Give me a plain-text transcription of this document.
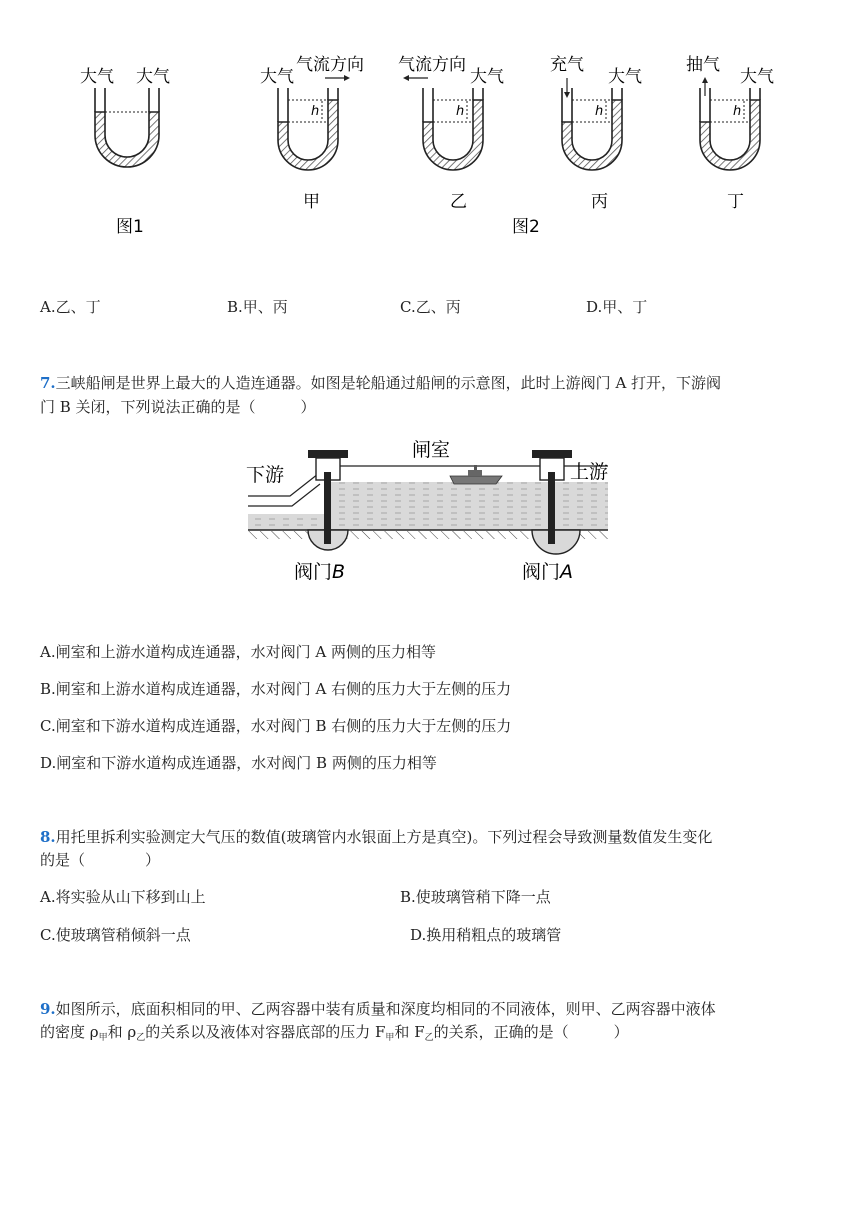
大气 大气	大气
气流方向
h
气流方向
大气
h
充气
大气
h
抽气
大气
h
甲	乙	丙	丁
图1	图2
A.乙、丁	B.甲、丙	C.乙、丙	D.甲、丁
7.三峡船闸是世界上最大的人造连通器。如图是轮船通过船闸的示意图，此时上游阀门 A 打开，下游阀
门 B 关闭，下列说法正确的是（　　　）
闸室
下游	上游
阀门B	阀门A
A.闸室和上游水道构成连通器，水对阀门 A 两侧的压力相等
B.闸室和上游水道构成连通器，水对阀门 A 右侧的压力大于左侧的压力
C.闸室和下游水道构成连通器，水对阀门 B 右侧的压力大于左侧的压力
D.闸室和下游水道构成连通器，水对阀门 B 两侧的压力相等
8.用托里拆利实验测定大气压的数值(玻璃管内水银面上方是真空)。下列过程会导致测量数值发生变化
的是（　　　　）
A.将实验从山下移到山上	B.使玻璃管稍下降一点
C.使玻璃管稍倾斜一点	D.换用稍粗点的玻璃管
9.如图所示，底面积相同的甲、乙两容器中装有质量和深度均相同的不同液体，则甲、乙两容器中液体
的密度 $\rho_甲$和 $\rho_乙$的关系以及液体对容器底部的压力 $F_甲$和 $F_乙$的关系，正确的是（　　　）
